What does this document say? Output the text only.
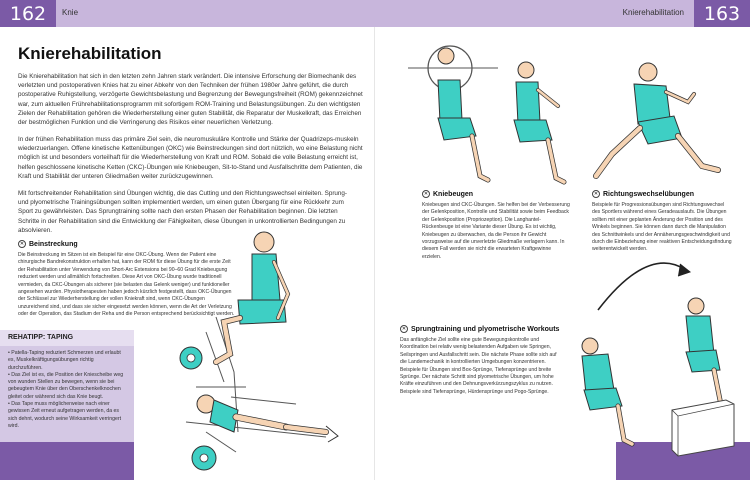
162	Knie	Knierehabilitation	163
Knierehabilitation

Die Knierehabilitation hat sich in den letzten zehn Jahren stark verändert. Die intensive Erforschung der Biomechanik des verletzten und postoperativen Knies hat zu einer Abkehr von den Techniken der frühen 1980er Jahre geführt, die durch postoperative Ruhigstellung, verzögerte Gewichtsbelastung und Begrenzung der Bewegungsfreiheit (ROM) gekennzeichnet war, zum aktuellen Frührehabilitationsprogramm mit sofortigem ROM-Training und Belastungsübungen. Zu den wichtigsten Zielen der Rehabilitation gehören die Wiederherstellung einer guten Stabilität, die Reparatur der Muskelkraft, das Erreichen der bestmöglichen Funktion und die Verringerung des Risikos einer neuerlichen Verletzung.

In der frühen Rehabilitation muss das primäre Ziel sein, die neuromuskuläre Kontrolle und Stärke der Quadrizeps-muskeln wiederzuerlangen. Offene kinetische Kettenübungen (OKC) wie Beinstreckungen sind dort nützlich, wo eine Belastung nicht möglich ist und besonders vorteilhaft für die Wiederherstellung von Kraft und ROM. Sobald die volle Belastung erreicht ist, helfen geschlossene kinetische Ketten (CKC)-Übungen wie Kniebeugen, Sit-to-Stand und Ausfallschritte dem Patienten, die Kraft und Stabilität der unteren Gliedmaßen weiter zurückzugewinnen.

Mit fortschreitender Rehabilitation sind Übungen wichtig, die das Cutting und den Richtungswechsel einleiten. Sprung- und plyometrische Trainingsübungen sollten implementiert werden, um einen guten Übergang für eine Rückkehr zum Sport zu gewährleisten. Das Sprungtraining sollte nach den ersten Phasen der Rehabilitation beginnen. Die letzten Schritte in der Rehabilitation sind die Entwicklung der Fähigkeiten, diese Übungen in unkontrollierten Bedingungen zu absolvieren.

✕ Beinstreckung

Die Beinstreckung im Sitzen ist ein Beispiel für eine OKC-Übung. Wenn der Patient eine chirurgische Bandrekonstruktion erhalten hat, kann der ROM für diese Übung für die erste Zeit der Rehabilitation unter Verwendung von Short-Arc Extensions bei 90–60 Grad Kniebeugung reduziert werden und allmählich fortschreiten. Diese Art von OKC-Übung wurde traditionell vermieden, da CKC-Übungen als sicherer (sie belasten das Gelenk weniger) und funktioneller angesehen wurden. Physiotherapeuten haben jedoch kürzlich festgestellt, dass OKC-Übungen der Schlüssel zur Wiederherstellung der vollen Kniekraft sind, wenn CKC-Übungen unzureichend sind, und dass sie sicher eingesetzt werden können, wenn die Art der Verletzung oder der Operation, das Stadium der Reha und die Person entsprechend berücksichtigt werden.

REHATIPP: TAPING
• Patella-Taping reduziert Schmerzen und erlaubt es, Muskelkräftigungsübungen richtig durchzuführen.
• Das Ziel ist es, die Position der Kniescheibe weg von wunden Stellen zu bewegen, wenn sie bei gebeugtem Knie über den Oberschenkelknochen gleitet oder während sich das Knie beugt.
• Das Tape muss möglicherweise nach einer gewissen Zeit erneut aufgetragen werden, da es sich dehnt, wodurch seine Wirksamkeit verringert wird.
✕ Kniebeugen

Kniebeugen sind CKC-Übungen. Sie helfen bei der Verbesserung der Gelenkposition, Kontrolle und Stabilität sowie beim Feedback der Gelenkposition (Propriozeption). Die Langhantel-Rückenbeuge ist eine Variante dieser Übung. Es ist wichtig, Kniebeugen zu überwachen, da die Person ihr Gewicht vorzugsweise auf die unverletzte Gliedmaße verlagern kann. In diesem Fall werden sie nicht die erwarteten Kraftgewinne erzielen.

✕ Richtungswechselübungen

Beispiele für Progressionsübungen sind Richtungswechsel des Sportlers während eines Geradeauslaufs. Die Übungen sollten mit einer geplanten Änderung der Position und des Winkels beginnen. Sie können dann durch die Manipulation des Schnittwinkels und der Annäherungsgeschwindigkeit und durch die Einbeziehung einer reaktiven Entscheidungsfindung weiterentwickelt werden.

✕ Sprungtraining und plyometrische Workouts

Das anfängliche Ziel sollte eine gute Bewegungskontrolle und Koordination bei relativ wenig belastenden Aufgaben wie Springen, Seilspringen und Ausfallschritt sein. Die nächste Phase sollte sich auf die Landemechanik in kontrollierten Umgebungen konzentrieren. Beispiele für Übungen sind Box-Sprünge, Tiefensprünge und breite Sprünge. Der nächste Schritt sind plyometrische Übungen, um hohe Kräfte einzuführen und den Dehnungsverkürzungszyklus zu nutzen. Beispiele sind Tiefensprünge, Hürdensprünge und Pogo-Sprünge.
